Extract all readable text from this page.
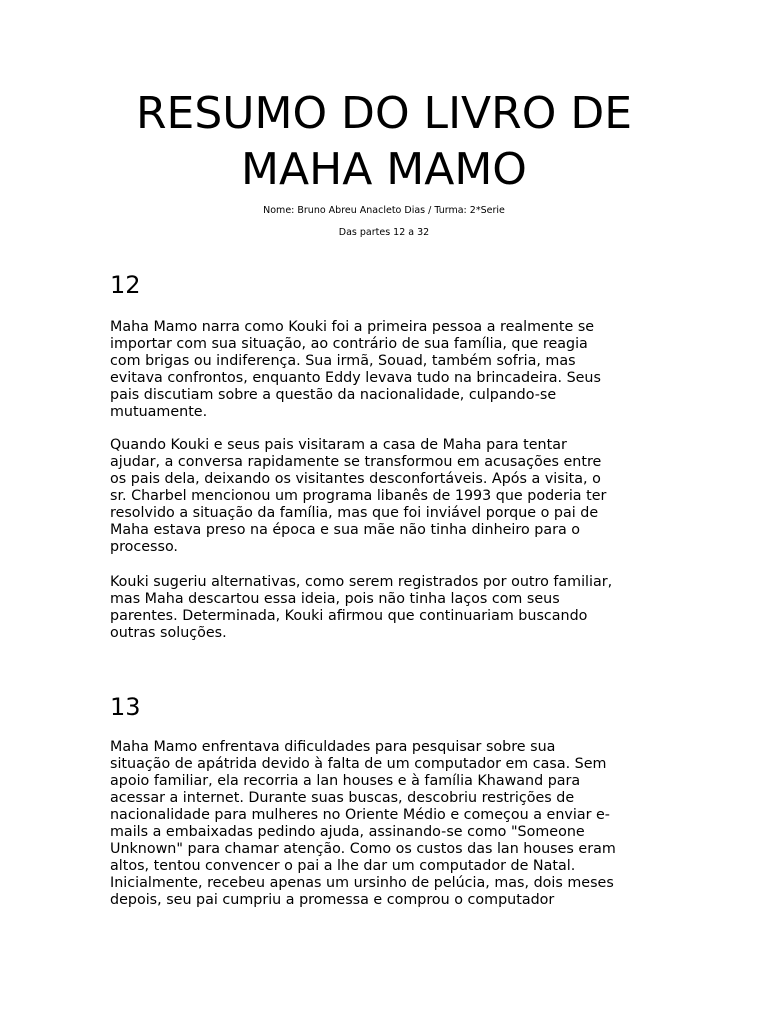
RESUMO DO LIVRO DE
MAHA MAMO

Nome: Bruno Abreu Anacleto Dias / Turma: 2*Serie

Das partes 12 a 32

12

Maha Mamo narra como Kouki foi a primeira pessoa a realmente se
importar com sua situação, ao contrário de sua família, que reagia
com brigas ou indiferença. Sua irmã, Souad, também sofria, mas
evitava confrontos, enquanto Eddy levava tudo na brincadeira. Seus
pais discutiam sobre a questão da nacionalidade, culpando-se
mutuamente.

Quando Kouki e seus pais visitaram a casa de Maha para tentar
ajudar, a conversa rapidamente se transformou em acusações entre
os pais dela, deixando os visitantes desconfortáveis. Após a visita, o
sr. Charbel mencionou um programa libanês de 1993 que poderia ter
resolvido a situação da família, mas que foi inviável porque o pai de
Maha estava preso na época e sua mãe não tinha dinheiro para o
processo.

Kouki sugeriu alternativas, como serem registrados por outro familiar,
mas Maha descartou essa ideia, pois não tinha laços com seus
parentes. Determinada, Kouki afirmou que continuariam buscando
outras soluções.

13

Maha Mamo enfrentava dificuldades para pesquisar sobre sua
situação de apátrida devido à falta de um computador em casa. Sem
apoio familiar, ela recorria a lan houses e à família Khawand para
acessar a internet. Durante suas buscas, descobriu restrições de
nacionalidade para mulheres no Oriente Médio e começou a enviar e-
mails a embaixadas pedindo ajuda, assinando-se como "Someone
Unknown" para chamar atenção. Como os custos das lan houses eram
altos, tentou convencer o pai a lhe dar um computador de Natal.
Inicialmente, recebeu apenas um ursinho de pelúcia, mas, dois meses
depois, seu pai cumpriu a promessa e comprou o computador
